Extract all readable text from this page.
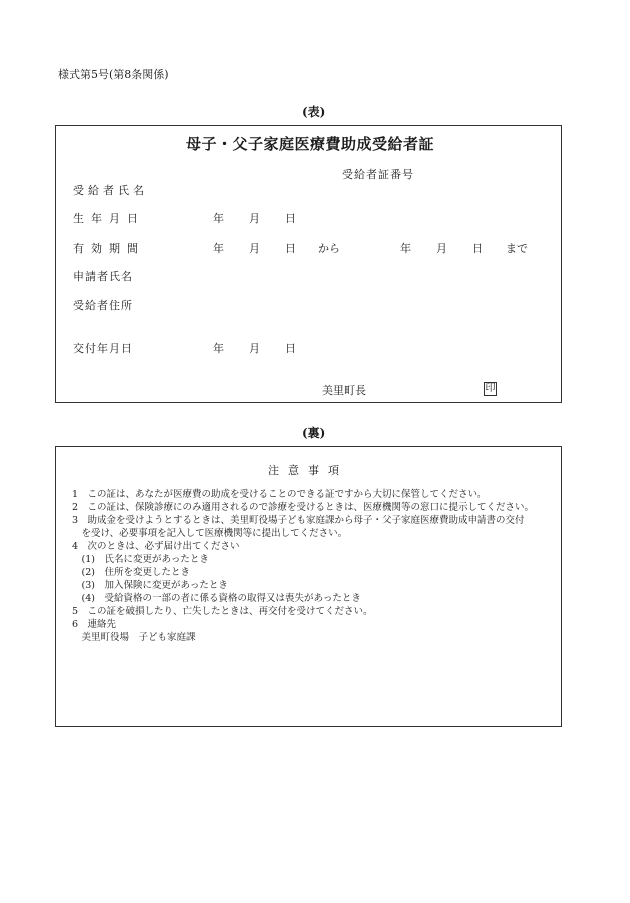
様式第5号(第8条関係)
(表)
母子・父子家庭医療費助成受給者証
受給者証番号
受給者氏名
生年月日
有効期間
申請者氏名
受給者住所
交付年月日
年 月 日
年 月 日 から	年 月 日 まで
年 月 日
美里町長	印
(裏)
注意事項
1　この証は、あなたが医療費の助成を受けることのできる証ですから大切に保管してください。
2　この証は、保険診療にのみ適用されるので診療を受けるときは、医療機関等の窓口に提示してください。
3　助成金を受けようとするときは、美里町役場子ども家庭課から母子・父子家庭医療費助成申請書の交付
　を受け、必要事項を記入して医療機関等に提出してください。
4　次のときは、必ず届け出てください
　(1)　氏名に変更があったとき
　(2)　住所を変更したとき
　(3)　加入保険に変更があったとき
　(4)　受給資格の一部の者に係る資格の取得又は喪失があったとき
5　この証を破損したり、亡失したときは、再交付を受けてください。
6　連絡先
　美里町役場　子ども家庭課
